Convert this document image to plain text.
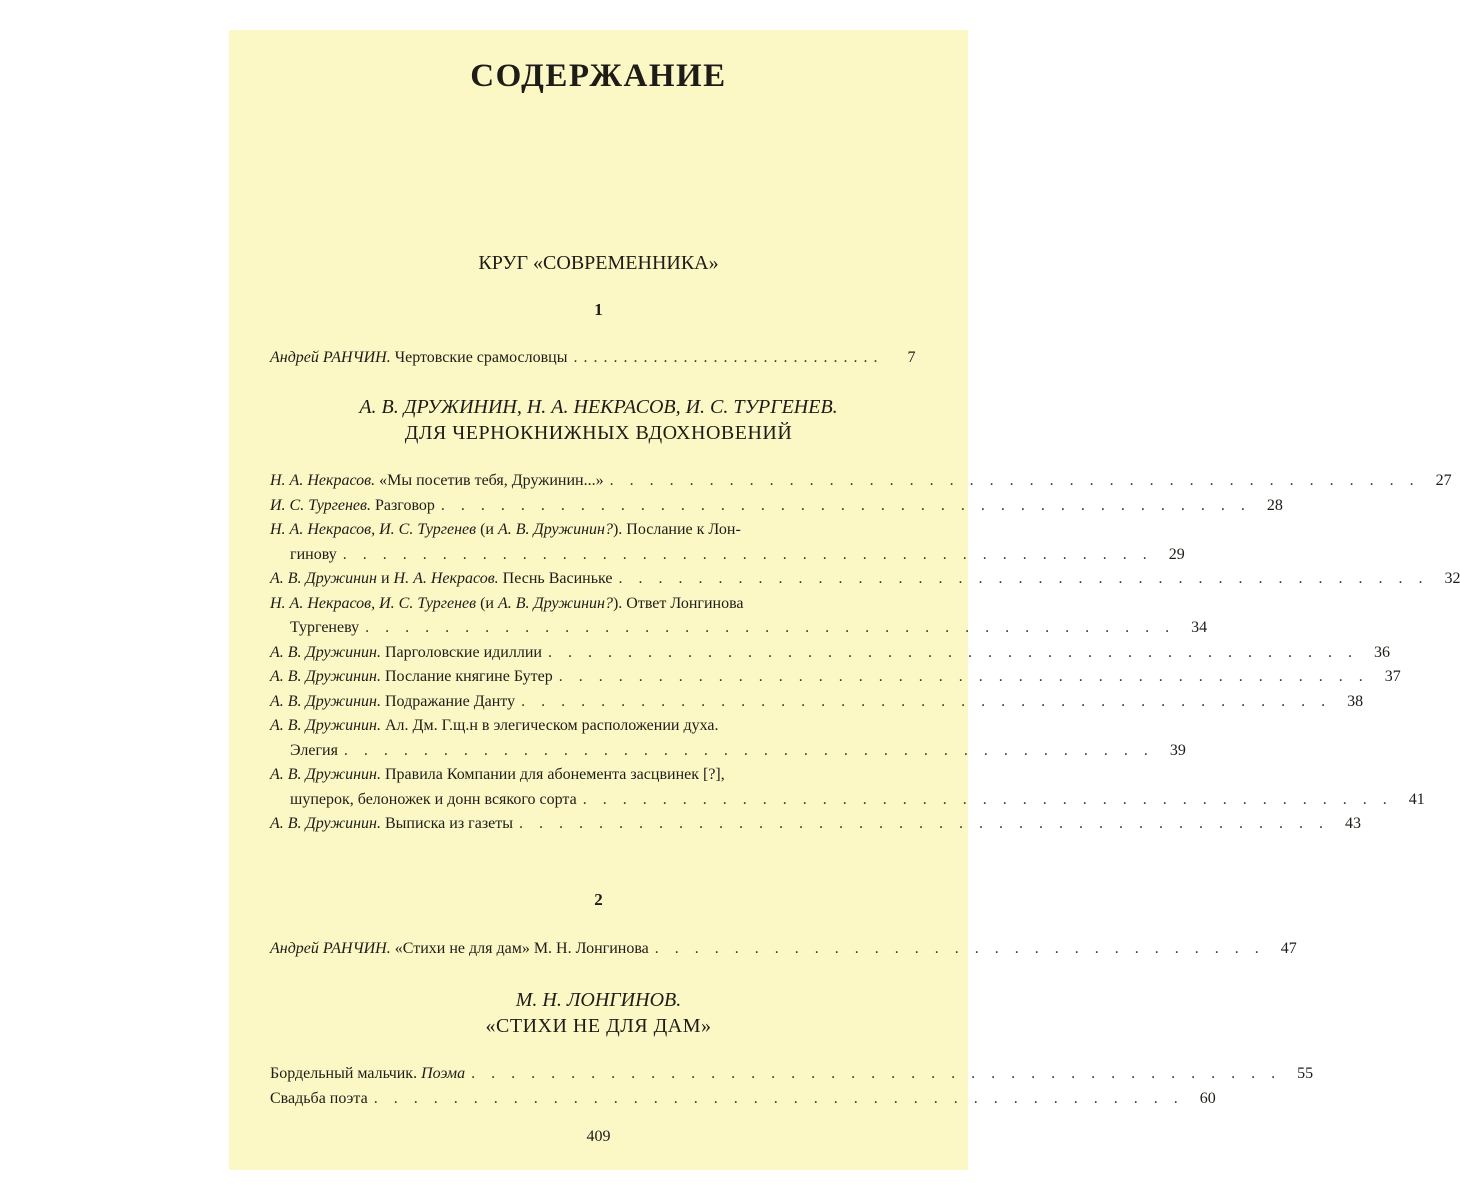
СОДЕРЖАНИЕ
КРУГ «СОВРЕМЕННИКА»
1
Андрей РАНЧИН. Чертовские срамословцы ...............................	7
А. В. ДРУЖИНИН, Н. А. НЕКРАСОВ, И. С. ТУРГЕНЕВ.
ДЛЯ ЧЕРНОКНИЖНЫХ ВДОХНОВЕНИЙ
Н. А. Некрасов. «Мы посетив тебя, Дружинин...» . . . . . . . . . . . . . . . . . . . . . . . . . . . . . . . . . . . . . . . . .	27
И. С. Тургенев. Разговор . . . . . . . . . . . . . . . . . . . . . . . . . . . . . . . . . . . . . . . . .	28
Н. А. Некрасов, И. С. Тургенев (и А. В. Дружинин?). Послание к Лон-
гинову . . . . . . . . . . . . . . . . . . . . . . . . . . . . . . . . . . . . . . . . .	29
А. В. Дружинин и Н. А. Некрасов. Песнь Васиньке . . . . . . . . . . . . . . . . . . . . . . . . . . . . . . . . . . . . . . . . .	32
Н. А. Некрасов, И. С. Тургенев (и А. В. Дружинин?). Ответ Лонгинова
Тургеневу . . . . . . . . . . . . . . . . . . . . . . . . . . . . . . . . . . . . . . . . .	34
А. В. Дружинин. Парголовские идиллии . . . . . . . . . . . . . . . . . . . . . . . . . . . . . . . . . . . . . . . . .	36
А. В. Дружинин. Послание княгине Бутер . . . . . . . . . . . . . . . . . . . . . . . . . . . . . . . . . . . . . . . . .	37
А. В. Дружинин. Подражание Данту . . . . . . . . . . . . . . . . . . . . . . . . . . . . . . . . . . . . . . . . .	38
А. В. Дружинин. Ал. Дм. Г.щ.н в элегическом расположении духа.
Элегия . . . . . . . . . . . . . . . . . . . . . . . . . . . . . . . . . . . . . . . . .	39
А. В. Дружинин. Правила Компании для абонемента засцвинек [?],
шуперок, белоножек и донн всякого сорта . . . . . . . . . . . . . . . . . . . . . . . . . . . . . . . . . . . . . . . . .	41
А. В. Дружинин. Выписка из газеты . . . . . . . . . . . . . . . . . . . . . . . . . . . . . . . . . . . . . . . . .	43
2
Андрей РАНЧИН. «Стихи не для дам» М. Н. Лонгинова . . . . . . . . . . . . . . . . . . . . . . . . . . . . . . .	47
М. Н. ЛОНГИНОВ.
«СТИХИ НЕ ДЛЯ ДАМ»
Бордельный мальчик. Поэма . . . . . . . . . . . . . . . . . . . . . . . . . . . . . . . . . . . . . . . . .	55
Свадьба поэта . . . . . . . . . . . . . . . . . . . . . . . . . . . . . . . . . . . . . . . . .	60
409
